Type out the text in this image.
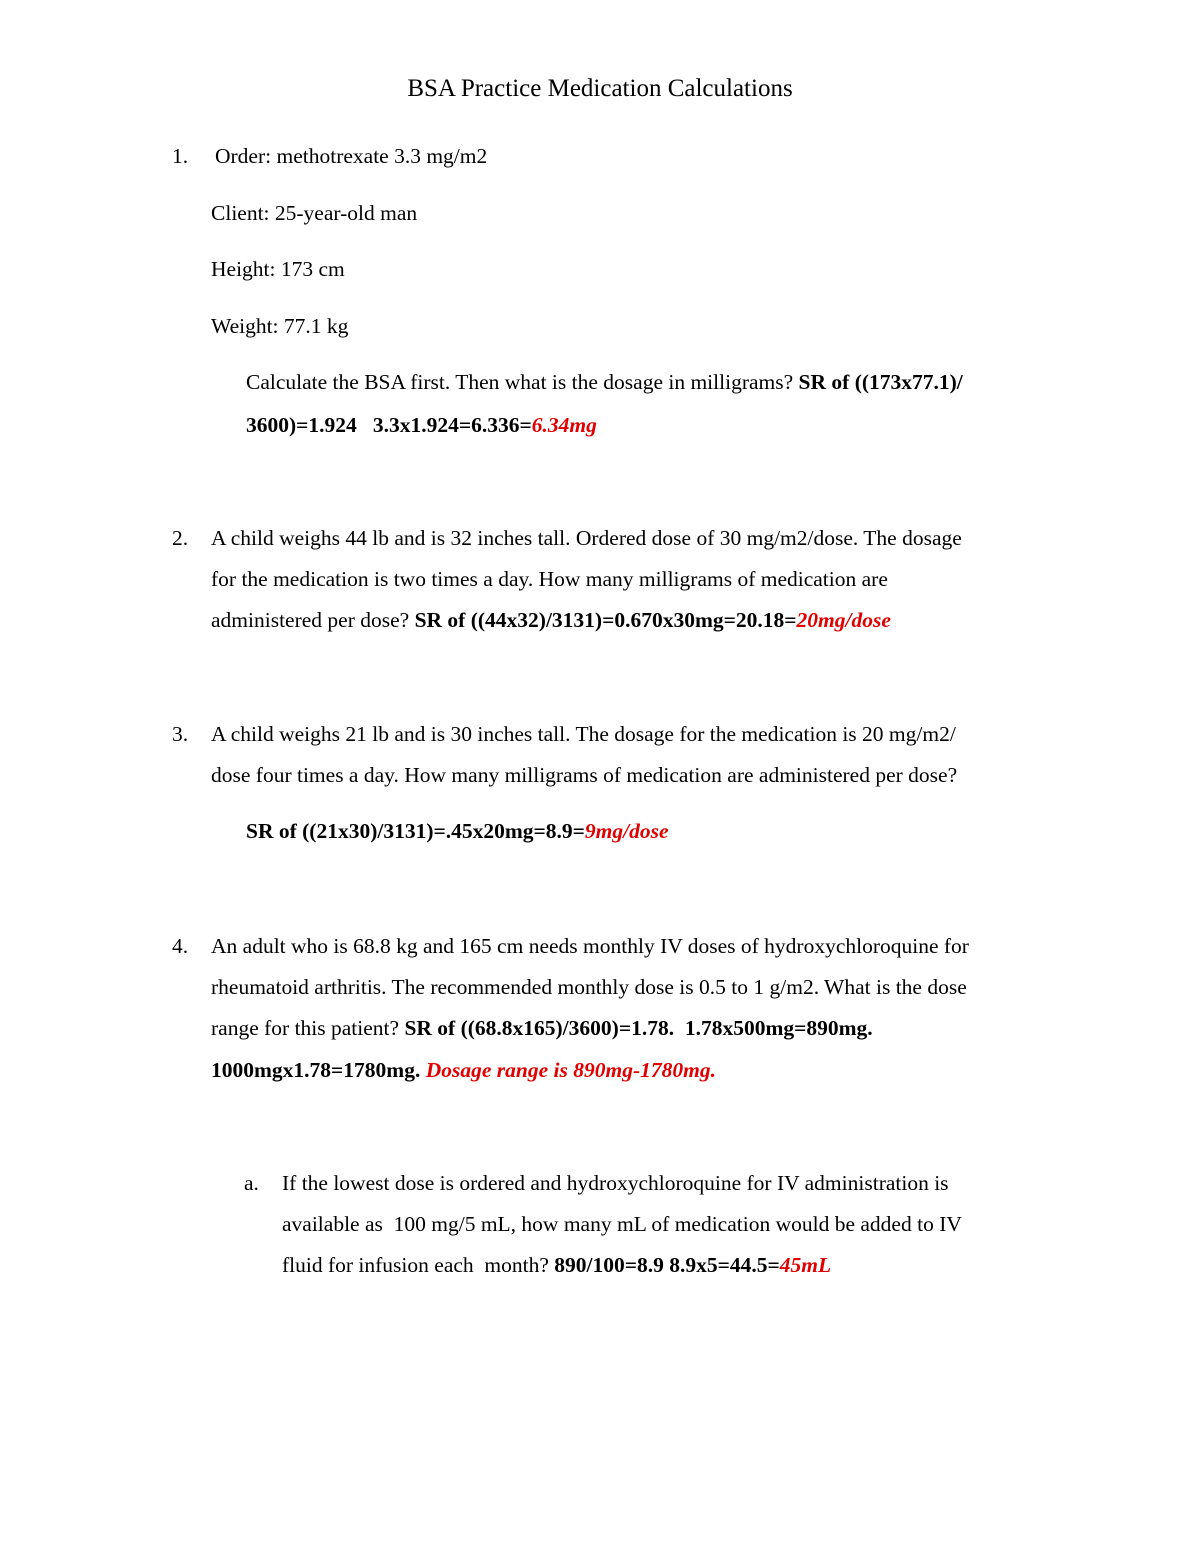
BSA Practice Medication Calculations
1. Order: methotrexate 3.3 mg/m2
Client: 25-year-old man
Height: 173 cm
Weight: 77.1 kg
Calculate the BSA first. Then what is the dosage in milligrams? SR of ((173x77.1)/
3600)=1.924   3.3x1.924=6.336=6.34mg
2. A child weighs 44 lb and is 32 inches tall. Ordered dose of 30 mg/m2/dose. The dosage
for the medication is two times a day. How many milligrams of medication are
administered per dose? SR of ((44x32)/3131)=0.670x30mg=20.18=20mg/dose
3. A child weighs 21 lb and is 30 inches tall. The dosage for the medication is 20 mg/m2/
dose four times a day. How many milligrams of medication are administered per dose?
SR of ((21x30)/3131)=.45x20mg=8.9=9mg/dose
4. An adult who is 68.8 kg and 165 cm needs monthly IV doses of hydroxychloroquine for
rheumatoid arthritis. The recommended monthly dose is 0.5 to 1 g/m2. What is the dose
range for this patient? SR of ((68.8x165)/3600)=1.78.  1.78x500mg=890mg.
1000mgx1.78=1780mg. Dosage range is 890mg-1780mg.
a. If the lowest dose is ordered and hydroxychloroquine for IV administration is
available as  100 mg/5 mL, how many mL of medication would be added to IV
fluid for infusion each  month? 890/100=8.9 8.9x5=44.5=45mL
